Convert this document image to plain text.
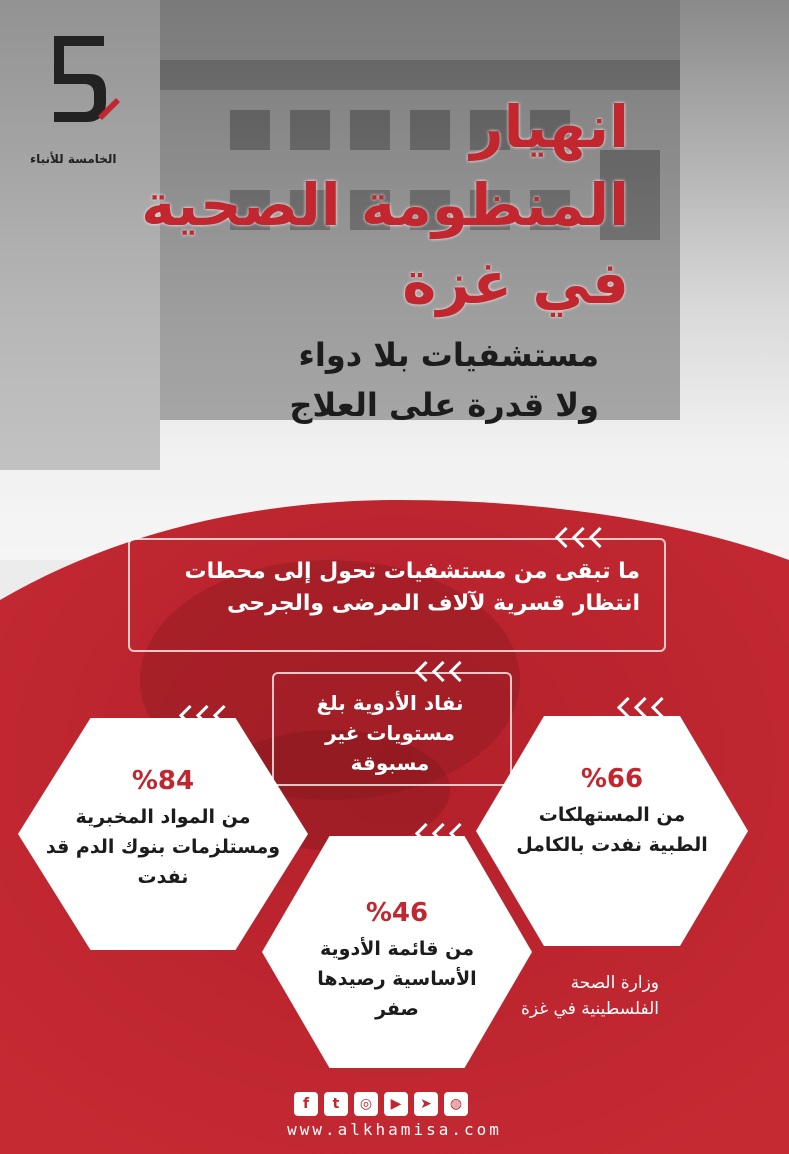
الخامسة للأنباء	انهيار
المنظومة الصحية
في غزة
مستشفيات بلا دواء
ولا قدرة على العلاج
ما تبقى من مستشفيات تحول إلى محطات انتظار قسرية لآلاف المرضى والجرحى
نفاد الأدوية بلغ مستويات غير مسبوقة
%84
من المواد المخبرية ومستلزمات بنوك الدم قد نفدت
%66
من المستهلكات الطبية نفدت بالكامل
%46
من قائمة الأدوية الأساسية رصيدها صفر
وزارة الصحة الفلسطينية في غزة
f	t	◎	▶	➤	◍
www.alkhamisa.com
